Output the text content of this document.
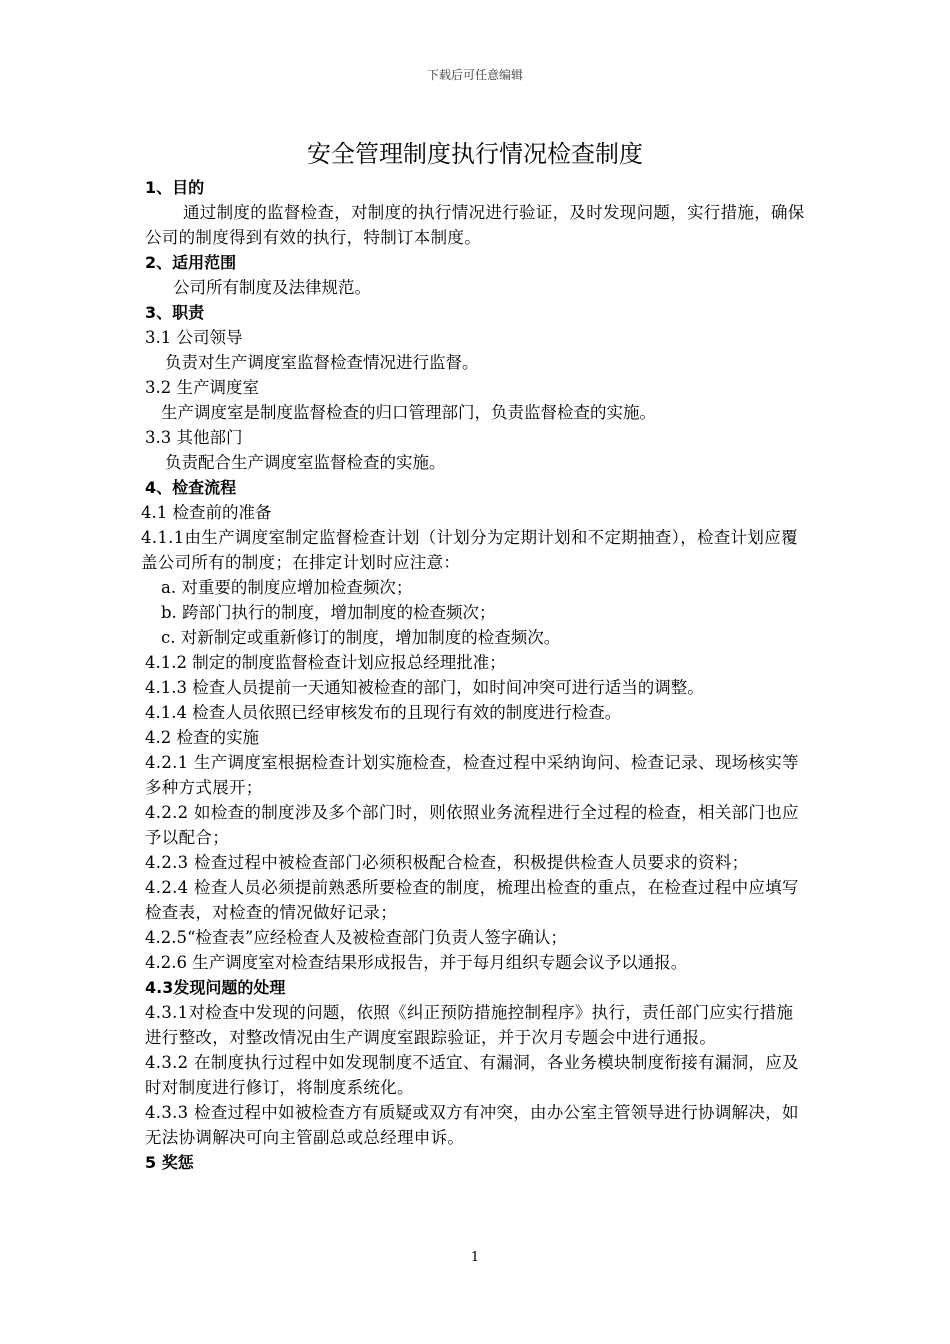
下载后可任意编辑
安全管理制度执行情况检查制度
1、目的
通过制度的监督检查，对制度的执行情况进行验证，及时发现问题，实行措施，确保公司的制度得到有效的执行，特制订本制度。
2、适用范围
公司所有制度及法律规范。
3、职责
3.1 公司领导
负责对生产调度室监督检查情况进行监督。
3.2 生产调度室
生产调度室是制度监督检查的归口管理部门，负责监督检查的实施。
3.3 其他部门
负责配合生产调度室监督检查的实施。
4、检查流程
4.1 检查前的准备
4.1.1由生产调度室制定监督检查计划（计划分为定期计划和不定期抽查），检查计划应覆盖公司所有的制度；在排定计划时应注意：
a. 对重要的制度应增加检查频次；
b. 跨部门执行的制度，增加制度的检查频次；
c. 对新制定或重新修订的制度，增加制度的检查频次。
4.1.2 制定的制度监督检查计划应报总经理批准；
4.1.3 检查人员提前一天通知被检查的部门，如时间冲突可进行适当的调整。
4.1.4 检查人员依照已经审核发布的且现行有效的制度进行检查。
4.2 检查的实施
4.2.1 生产调度室根据检查计划实施检查，检查过程中采纳询问、检查记录、现场核实等多种方式展开；
4.2.2 如检查的制度涉及多个部门时，则依照业务流程进行全过程的检查，相关部门也应予以配合；
4.2.3 检查过程中被检查部门必须积极配合检查，积极提供检查人员要求的资料；
4.2.4 检查人员必须提前熟悉所要检查的制度，梳理出检查的重点，在检查过程中应填写检查表，对检查的情况做好记录；
4.2.5“检查表”应经检查人及被检查部门负责人签字确认；
4.2.6 生产调度室对检查结果形成报告，并于每月组织专题会议予以通报。
4.3发现问题的处理
4.3.1对检查中发现的问题，依照《纠正预防措施控制程序》执行，责任部门应实行措施进行整改，对整改情况由生产调度室跟踪验证，并于次月专题会中进行通报。
4.3.2 在制度执行过程中如发现制度不适宜、有漏洞，各业务模块制度衔接有漏洞，应及时对制度进行修订，将制度系统化。
4.3.3 检查过程中如被检查方有质疑或双方有冲突，由办公室主管领导进行协调解决，如无法协调解决可向主管副总或总经理申诉。
5 奖惩
1
